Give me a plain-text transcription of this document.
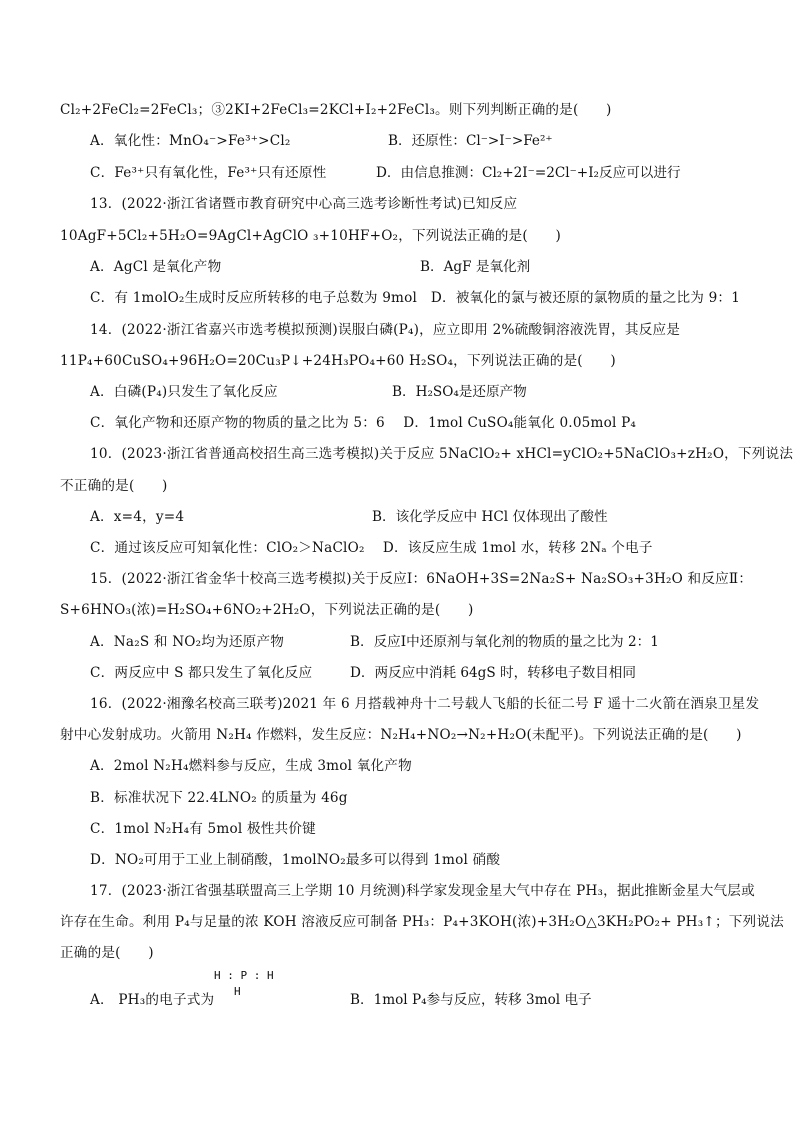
Cl₂+2FeCl₂=2FeCl₃；③2KI+2FeCl₃=2KCl+I₂+2FeCl₃。则下列判断正确的是(　　)
A．氧化性：MnO₄⁻>Fe³⁺>Cl₂	B．还原性：Cl⁻>I⁻>Fe²⁺
C．Fe³⁺只有氧化性，Fe³⁺只有还原性	D．由信息推测：Cl₂+2I⁻=2Cl⁻+I₂反应可以进行
13．(2022·浙江省诸暨市教育研究中心高三选考诊断性考试)已知反应
10AgF+5Cl₂+5H₂O=9AgCl+AgClO ₃+10HF+O₂，下列说法正确的是(　　)
A．AgCl 是氧化产物	B．AgF 是氧化剂
C．有 1molO₂生成时反应所转移的电子总数为 9mol　D．被氧化的氯与被还原的氯物质的量之比为 9：1
14．(2022·浙江省嘉兴市选考模拟预测)误服白磷(P₄)，应立即用 2%硫酸铜溶液洗胃，其反应是
11P₄+60CuSO₄+96H₂O=20Cu₃P↓+24H₃PO₄+60 H₂SO₄，下列说法正确的是(　　)
A．白磷(P₄)只发生了氧化反应	B．H₂SO₄是还原产物
C．氧化产物和还原产物的物质的量之比为 5：6　 D．1mol CuSO₄能氧化 0.05mol P₄
10．(2023·浙江省普通高校招生高三选考模拟)关于反应 5NaClO₂+ xHCl=yClO₂+5NaClO₃+zH₂O，下列说法
不正确的是(　　)
A．x=4，y=4	B．该化学反应中 HCl 仅体现出了酸性
C．通过该反应可知氧化性：ClO₂＞NaClO₂　 D．该反应生成 1mol 水，转移 2Nₐ 个电子
15．(2022·浙江省金华十校高三选考模拟)关于反应Ⅰ：6NaOH+3S=2Na₂S+ Na₂SO₃+3H₂O 和反应Ⅱ：
S+6HNO₃(浓)=H₂SO₄+6NO₂+2H₂O，下列说法正确的是(　　)
A．Na₂S 和 NO₂均为还原产物	B．反应Ⅰ中还原剂与氧化剂的物质的量之比为 2：1
C．两反应中 S 都只发生了氧化反应	D．两反应中消耗 64gS 时，转移电子数目相同
16．(2022·湘豫名校高三联考)2021 年 6 月搭载神舟十二号载人飞船的长征二号 F 遥十二火箭在酒泉卫星发
射中心发射成功。火箭用 N₂H₄ 作燃料，发生反应：N₂H₄+NO₂→N₂+H₂O(未配平)。下列说法正确的是(　　)
A．2mol N₂H₄燃料参与反应，生成 3mol 氧化产物
B．标准状况下 22.4LNO₂ 的质量为 46g
C．1mol N₂H₄有 5mol 极性共价键
D．NO₂可用于工业上制硝酸，1molNO₂最多可以得到 1mol 硝酸
17．(2023·浙江省强基联盟高三上学期 10 月统测)科学家发现金星大气中存在 PH₃，据此推断金星大气层或
许存在生命。利用 P₄与足量的浓 KOH 溶液反应可制备 PH₃：P₄+3KOH(浓)+3H₂O△3KH₂PO₂+ PH₃↑；下列说法
正确的是(　　)
A． PH₃的电子式为
H : P : H
H
B．1mol P₄参与反应，转移 3mol 电子
